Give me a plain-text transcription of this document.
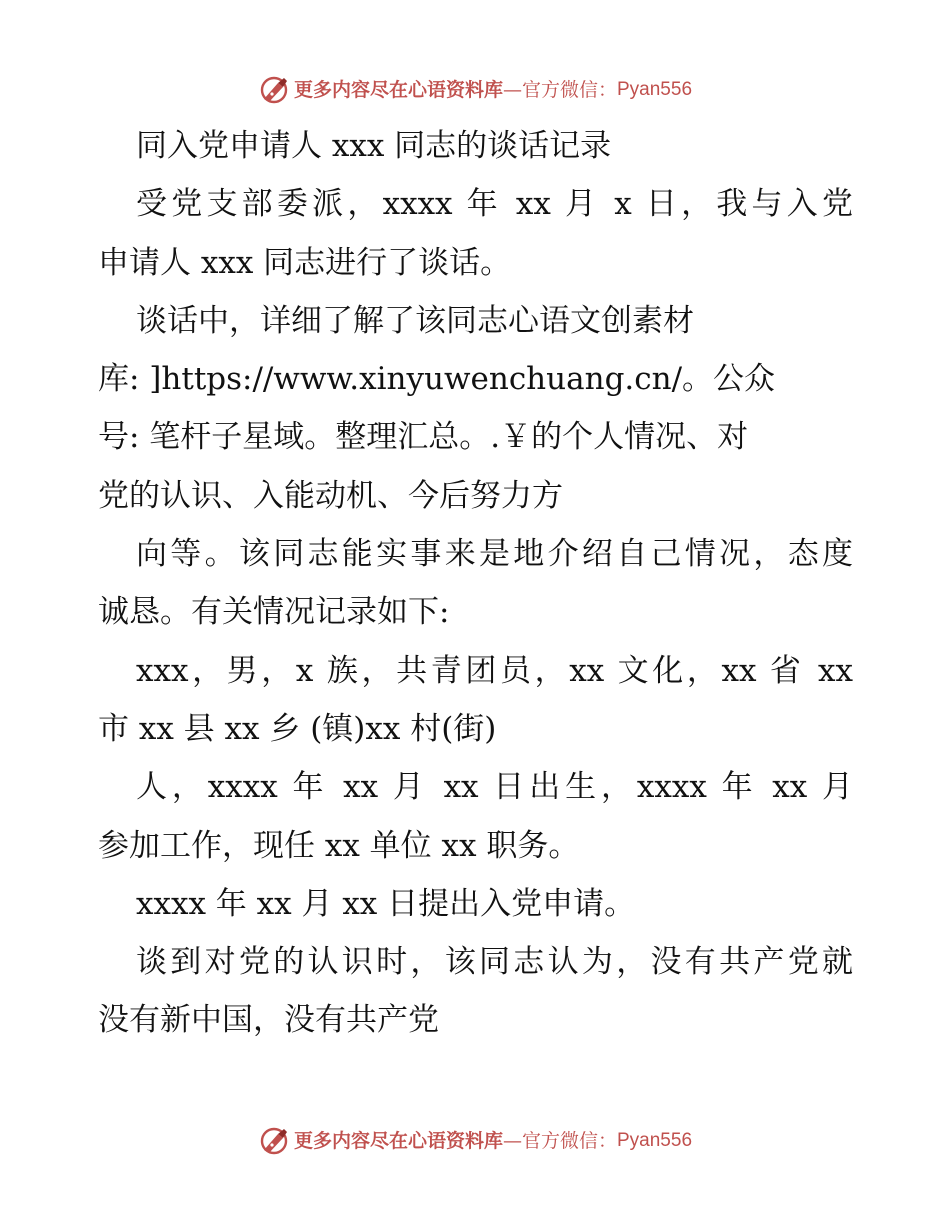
更多内容尽在心语资料库—官方微信：Pyan556
同入党申请人 xxx 同志的谈话记录
受党支部委派，xxxx 年 xx 月 x 日，我与入党
申请人 xxx 同志进行了谈话。
谈话中，详细了解了该同志心语文创素材
库: ]https://www.xinyuwenchuang.cn/。公众
号: 笔杆子星域。整理汇总。.￥的个人情况、对
党的认识、入能动机、今后努力方
向等。该同志能实事来是地介绍自己情况，态度
诚恳。有关情况记录如下:
xxx，男，x 族，共青团员，xx 文化，xx 省 xx
市 xx 县 xx 乡 (镇)xx 村(街)
人，xxxx 年 xx 月 xx 日出生，xxxx 年 xx 月
参加工作，现任 xx 单位 xx 职务。
xxxx 年 xx 月 xx 日提出入党申请。
谈到对党的认识时，该同志认为，没有共产党就
没有新中国，没有共产党
更多内容尽在心语资料库—官方微信：Pyan556
